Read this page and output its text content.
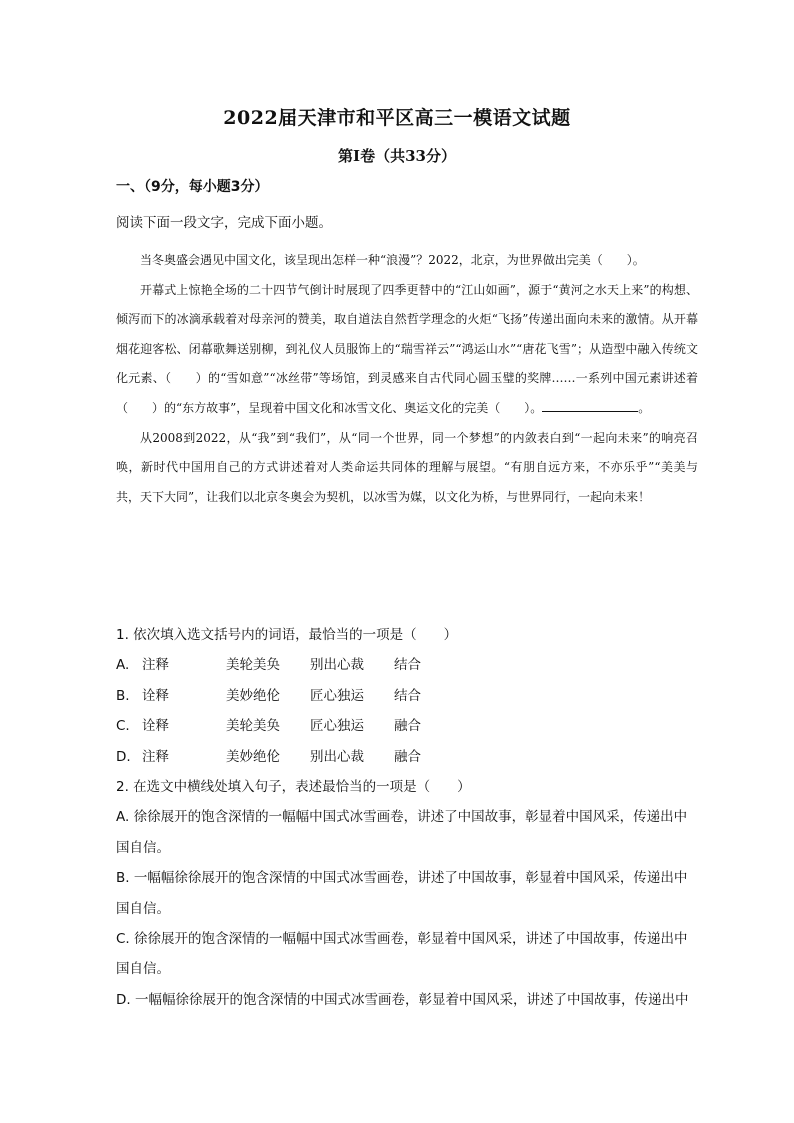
2022届天津市和平区高三一模语文试题
第Ⅰ卷（共33分）
一、（9分，每小题3分）
阅读下面一段文字，完成下面小题。

当冬奥盛会遇见中国文化，该呈现出怎样一种“浪漫”？2022，北京，为世界做出完美（　　）。

开幕式上惊艳全场的二十四节气倒计时展现了四季更替中的“江山如画”，源于“黄河之水天上来”的构想、倾泻而下的冰滴承载着对母亲河的赞美，取自道法自然哲学理念的火炬“飞扬”传递出面向未来的激情。从开幕烟花迎客松、闭幕歌舞送别柳，到礼仪人员服饰上的“瑞雪祥云”“鸿运山水”“唐花飞雪”；从造型中融入传统文化元素、（　　）的“雪如意”“冰丝带”等场馆，到灵感来自古代同心圆玉璧的奖牌……一系列中国元素讲述着（　　）的“东方故事”，呈现着中国文化和冰雪文化、奥运文化的完美（　　）。	。

从2008到2022，从“我”到“我们”，从“同一个世界，同一个梦想”的内敛表白到“一起向未来”的响亮召唤，新时代中国用自己的方式讲述着对人类命运共同体的理解与展望。“有朋自远方来，不亦乐乎”“美美与共，天下大同”，让我们以北京冬奥会为契机，以冰雪为媒，以文化为桥，与世界同行，一起向未来！

1. 依次填入选文括号内的词语，最恰当的一项是（　　）

A. 注释	美轮美奂	别出心裁	结合
B. 诠释	美妙绝伦	匠心独运	结合
C. 诠释	美轮美奂	匠心独运	融合
D. 注释	美妙绝伦	别出心裁	融合

2. 在选文中横线处填入句子，表述最恰当的一项是（　　）

A. 徐徐展开的饱含深情的一幅幅中国式冰雪画卷，讲述了中国故事，彰显着中国风采，传递出中国自信。

B. 一幅幅徐徐展开的饱含深情的中国式冰雪画卷，讲述了中国故事，彰显着中国风采，传递出中国自信。

C. 徐徐展开的饱含深情的一幅幅中国式冰雪画卷，彰显着中国风采，讲述了中国故事，传递出中国自信。

D. 一幅幅徐徐展开的饱含深情的中国式冰雪画卷，彰显着中国风采，讲述了中国故事，传递出中
